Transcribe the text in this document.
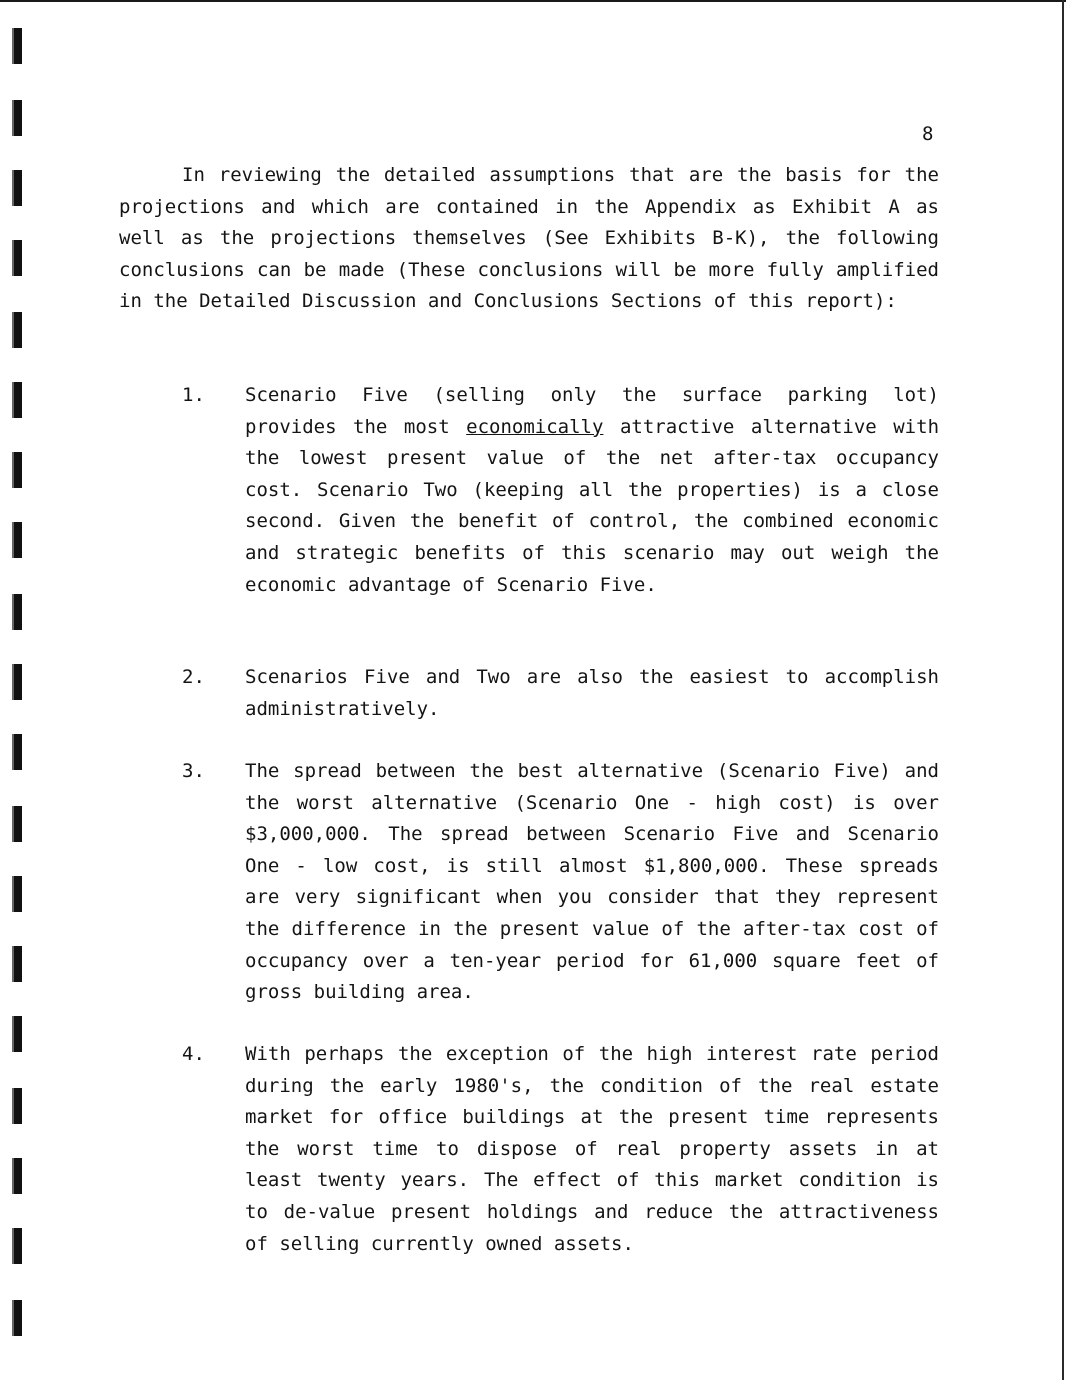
8

In reviewing the detailed assumptions that are the basis for the projections and which are contained in the Appendix as Exhibit A as well as the projections themselves (See Exhibits B-K), the following conclusions can be made (These conclusions will be more fully amplified in the Detailed Discussion and Conclusions Sections of this report):

1. Scenario Five (selling only the surface parking lot) provides the most economically attractive alternative with the lowest present value of the net after-tax occupancy cost. Scenario Two (keeping all the properties) is a close second. Given the benefit of control, the combined economic and strategic benefits of this scenario may out weigh the economic advantage of Scenario Five.
2. Scenarios Five and Two are also the easiest to accomplish administratively.
3. The spread between the best alternative (Scenario Five) and the worst alternative (Scenario One - high cost) is over $3,000,000. The spread between Scenario Five and Scenario One - low cost, is still almost $1,800,000. These spreads are very significant when you consider that they represent the difference in the present value of the after-tax cost of occupancy over a ten-year period for 61,000 square feet of gross building area.
4. With perhaps the exception of the high interest rate period during the early 1980's, the condition of the real estate market for office buildings at the present time represents the worst time to dispose of real property assets in at least twenty years. The effect of this market condition is to de-value present holdings and reduce the attractiveness of selling currently owned assets.
